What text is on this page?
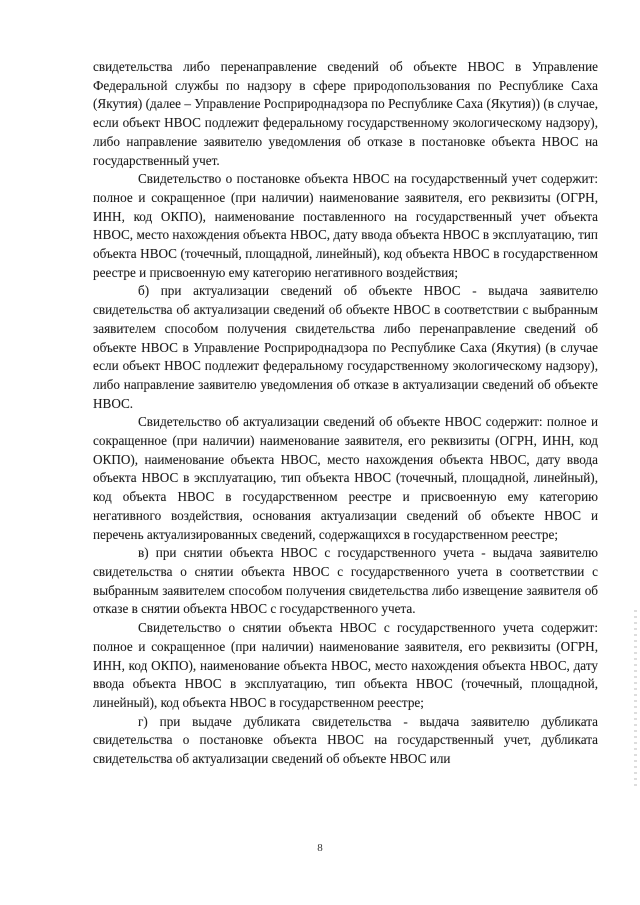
свидетельства либо перенаправление сведений об объекте НВОС в Управление Федеральной службы по надзору в сфере природопользования по Республике Саха (Якутия) (далее – Управление Росприроднадзора по Республике Саха (Якутия)) (в случае, если объект НВОС подлежит федеральному государственному экологическому надзору), либо направление заявителю уведомления об отказе в постановке объекта НВОС на государственный учет.

Свидетельство о постановке объекта НВОС на государственный учет содержит: полное и сокращенное (при наличии) наименование заявителя, его реквизиты (ОГРН, ИНН, код ОКПО), наименование поставленного на государственный учет объекта НВОС, место нахождения объекта НВОС, дату ввода объекта НВОС в эксплуатацию, тип объекта НВОС (точечный, площадной, линейный), код объекта НВОС в государственном реестре и присвоенную ему категорию негативного воздействия;

б) при актуализации сведений об объекте НВОС - выдача заявителю свидетельства об актуализации сведений об объекте НВОС в соответствии с выбранным заявителем способом получения свидетельства либо перенаправление сведений об объекте НВОС в Управление Росприроднадзора по Республике Саха (Якутия) (в случае если объект НВОС подлежит федеральному государственному экологическому надзору), либо направление заявителю уведомления об отказе в актуализации сведений об объекте НВОС.

Свидетельство об актуализации сведений об объекте НВОС содержит: полное и сокращенное (при наличии) наименование заявителя, его реквизиты (ОГРН, ИНН, код ОКПО), наименование объекта НВОС, место нахождения объекта НВОС, дату ввода объекта НВОС в эксплуатацию, тип объекта НВОС (точечный, площадной, линейный), код объекта НВОС в государственном реестре и присвоенную ему категорию негативного воздействия, основания актуализации сведений об объекте НВОС и перечень актуализированных сведений, содержащихся в государственном реестре;

в) при снятии объекта НВОС с государственного учета - выдача заявителю свидетельства о снятии объекта НВОС с государственного учета в соответствии с выбранным заявителем способом получения свидетельства либо извещение заявителя об отказе в снятии объекта НВОС с государственного учета.

Свидетельство о снятии объекта НВОС с государственного учета содержит: полное и сокращенное (при наличии) наименование заявителя, его реквизиты (ОГРН, ИНН, код ОКПО), наименование объекта НВОС, место нахождения объекта НВОС, дату ввода объекта НВОС в эксплуатацию, тип объекта НВОС (точечный, площадной, линейный), код объекта НВОС в государственном реестре;

г) при выдаче дубликата свидетельства - выдача заявителю дубликата свидетельства о постановке объекта НВОС на государственный учет, дубликата свидетельства об актуализации сведений об объекте НВОС или

8
